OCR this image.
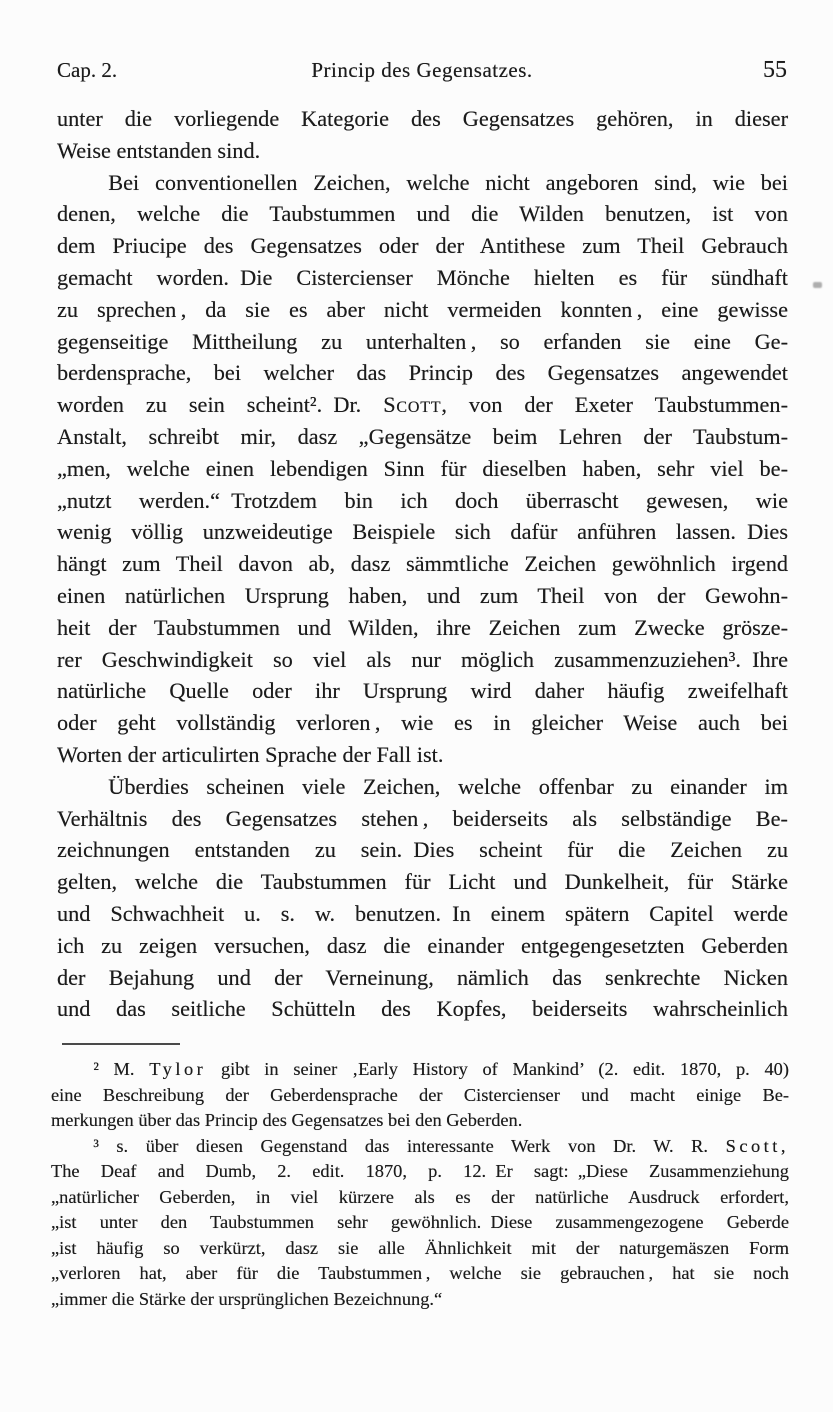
Cap. 2.	Princip des Gegensatzes.	55
unter die vorliegende Kategorie des Gegensatzes gehören, in dieser
Weise entstanden sind.
Bei conventionellen Zeichen, welche nicht angeboren sind, wie bei
denen, welche die Taubstummen und die Wilden benutzen, ist von
dem Priucipe des Gegensatzes oder der Antithese zum Theil Gebrauch
gemacht worden. Die Cistercienser Mönche hielten es für sündhaft
zu sprechen , da sie es aber nicht vermeiden konnten , eine gewisse
gegenseitige Mittheilung zu unterhalten , so erfanden sie eine Ge-
berdensprache, bei welcher das Princip des Gegensatzes angewendet
worden zu sein scheint². Dr. Scott, von der Exeter Taubstummen-
Anstalt, schreibt mir, dasz „Gegensätze beim Lehren der Taubstum-
„men, welche einen lebendigen Sinn für dieselben haben, sehr viel be-
„nutzt werden.“ Trotzdem bin ich doch überrascht gewesen, wie
wenig völlig unzweideutige Beispiele sich dafür anführen lassen. Dies
hängt zum Theil davon ab, dasz sämmtliche Zeichen gewöhnlich irgend
einen natürlichen Ursprung haben, und zum Theil von der Gewohn-
heit der Taubstummen und Wilden, ihre Zeichen zum Zwecke grösze-
rer Geschwindigkeit so viel als nur möglich zusammenzuziehen³. Ihre
natürliche Quelle oder ihr Ursprung wird daher häufig zweifelhaft
oder geht vollständig verloren , wie es in gleicher Weise auch bei
Worten der articulirten Sprache der Fall ist.
Überdies scheinen viele Zeichen, welche offenbar zu einander im
Verhältnis des Gegensatzes stehen , beiderseits als selbständige Be-
zeichnungen entstanden zu sein. Dies scheint für die Zeichen zu
gelten, welche die Taubstummen für Licht und Dunkelheit, für Stärke
und Schwachheit u. s. w. benutzen. In einem spätern Capitel werde
ich zu zeigen versuchen, dasz die einander entgegengesetzten Geberden
der Bejahung und der Verneinung, nämlich das senkrechte Nicken
und das seitliche Schütteln des Kopfes, beiderseits wahrscheinlich
² M. Tylor gibt in seiner ‚Early History of Mankind’ (2. edit. 1870, p. 40)
eine Beschreibung der Geberdensprache der Cistercienser und macht einige Be-
merkungen über das Princip des Gegensatzes bei den Geberden.
³ s. über diesen Gegenstand das interessante Werk von Dr. W. R. Scott,
The Deaf and Dumb, 2. edit. 1870, p. 12. Er sagt: „Diese Zusammenziehung
„natürlicher Geberden, in viel kürzere als es der natürliche Ausdruck erfordert,
„ist unter den Taubstummen sehr gewöhnlich. Diese zusammengezogene Geberde
„ist häufig so verkürzt, dasz sie alle Ähnlichkeit mit der naturgemäszen Form
„verloren hat, aber für die Taubstummen , welche sie gebrauchen , hat sie noch
„immer die Stärke der ursprünglichen Bezeichnung.“
